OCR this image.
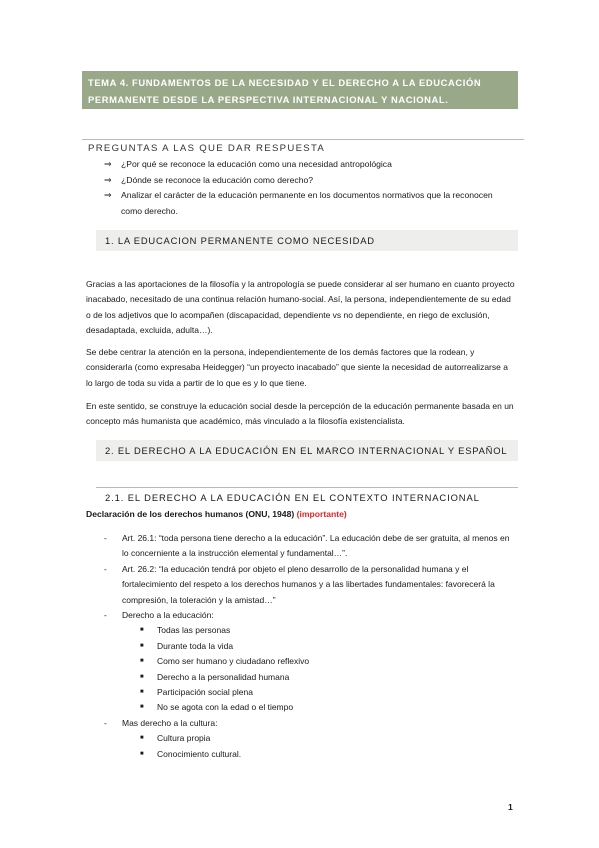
TEMA 4. FUNDAMENTOS DE LA NECESIDAD Y EL DERECHO A LA EDUCACIÓN
PERMANENTE DESDE LA PERSPECTIVA INTERNACIONAL Y NACIONAL.
PREGUNTAS A LAS QUE DAR RESPUESTA
⇒	¿Por qué se reconoce la educación como una necesidad antropológica
⇒	¿Dónde se reconoce la educación como derecho?
⇒	Analizar el carácter de la educación permanente en los documentos normativos que la reconocen como derecho.
1. LA EDUCACION PERMANENTE COMO NECESIDAD
Gracias a las aportaciones de la filosofía y la antropología se puede considerar al ser humano en cuanto proyecto inacabado, necesitado de una continua relación humano-social. Así, la persona, independientemente de su edad o de los adjetivos que lo acompañen (discapacidad, dependiente vs no dependiente, en riego de exclusión, desadaptada, excluida, adulta…).
Se debe centrar la atención en la persona, independientemente de los demás factores que la rodean, y considerarla (como expresaba Heidegger) “un proyecto inacabado” que siente la necesidad de autorrealizarse a lo largo de toda su vida a partir de lo que es y lo que tiene.
En este sentido, se construye la educación social desde la percepción de la educación permanente basada en un concepto más humanista que académico, más vinculado a la filosofía existencialista.
2. EL DERECHO A LA EDUCACIÓN EN EL MARCO INTERNACIONAL Y ESPAÑOL
2.1. EL DERECHO A LA EDUCACIÓN EN EL CONTEXTO INTERNACIONAL
Declaración de los derechos humanos (ONU, 1948) (importante)
-	Art. 26.1: “toda persona tiene derecho a la educación”. La educación debe de ser gratuita, al menos en lo concerniente a la instrucción elemental y fundamental…”.
-	Art. 26.2: “la educación tendrá por objeto el pleno desarrollo de la personalidad humana y el fortalecimiento del respeto a los derechos humanos y a las libertades fundamentales: favorecerá la compresión, la toleración y la amistad…”
-	Derecho a la educación:
■	Todas las personas
■	Durante toda la vida
■	Como ser humano y ciudadano reflexivo
■	Derecho a la personalidad humana
■	Participación social plena
■	No se agota con la edad o el tiempo
-	Mas derecho a la cultura:
■	Cultura propia
■	Conocimiento cultural.
1
